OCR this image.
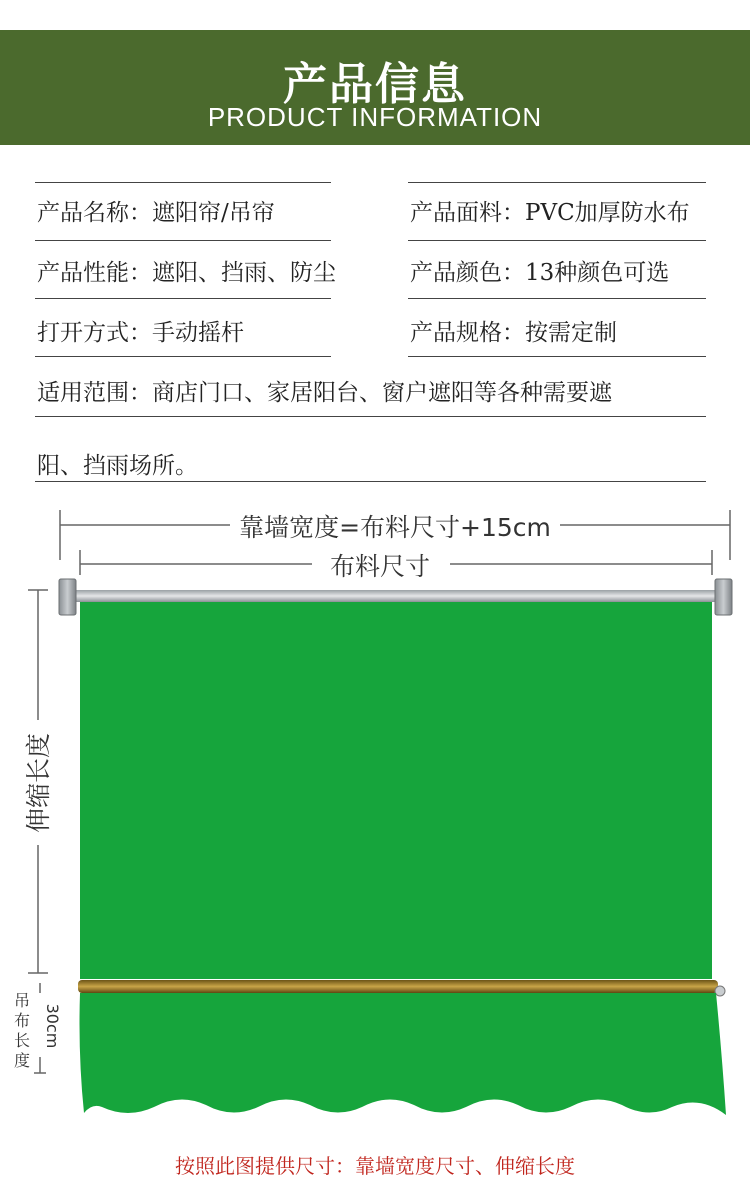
产品信息
PRODUCT INFORMATION
产品名称：遮阳帘/吊帘	产品面料：PVC加厚防水布
产品性能：遮阳、挡雨、防尘	产品颜色：13种颜色可选
打开方式：手动摇杆	产品规格：按需定制
适用范围：商店门口、家居阳台、窗户遮阳等各种需要遮
阳、挡雨场所。
靠墙宽度=布料尺寸+15cm
布料尺寸
伸缩长度
30cm
吊
布
长
度
按照此图提供尺寸：靠墙宽度尺寸、伸缩长度
